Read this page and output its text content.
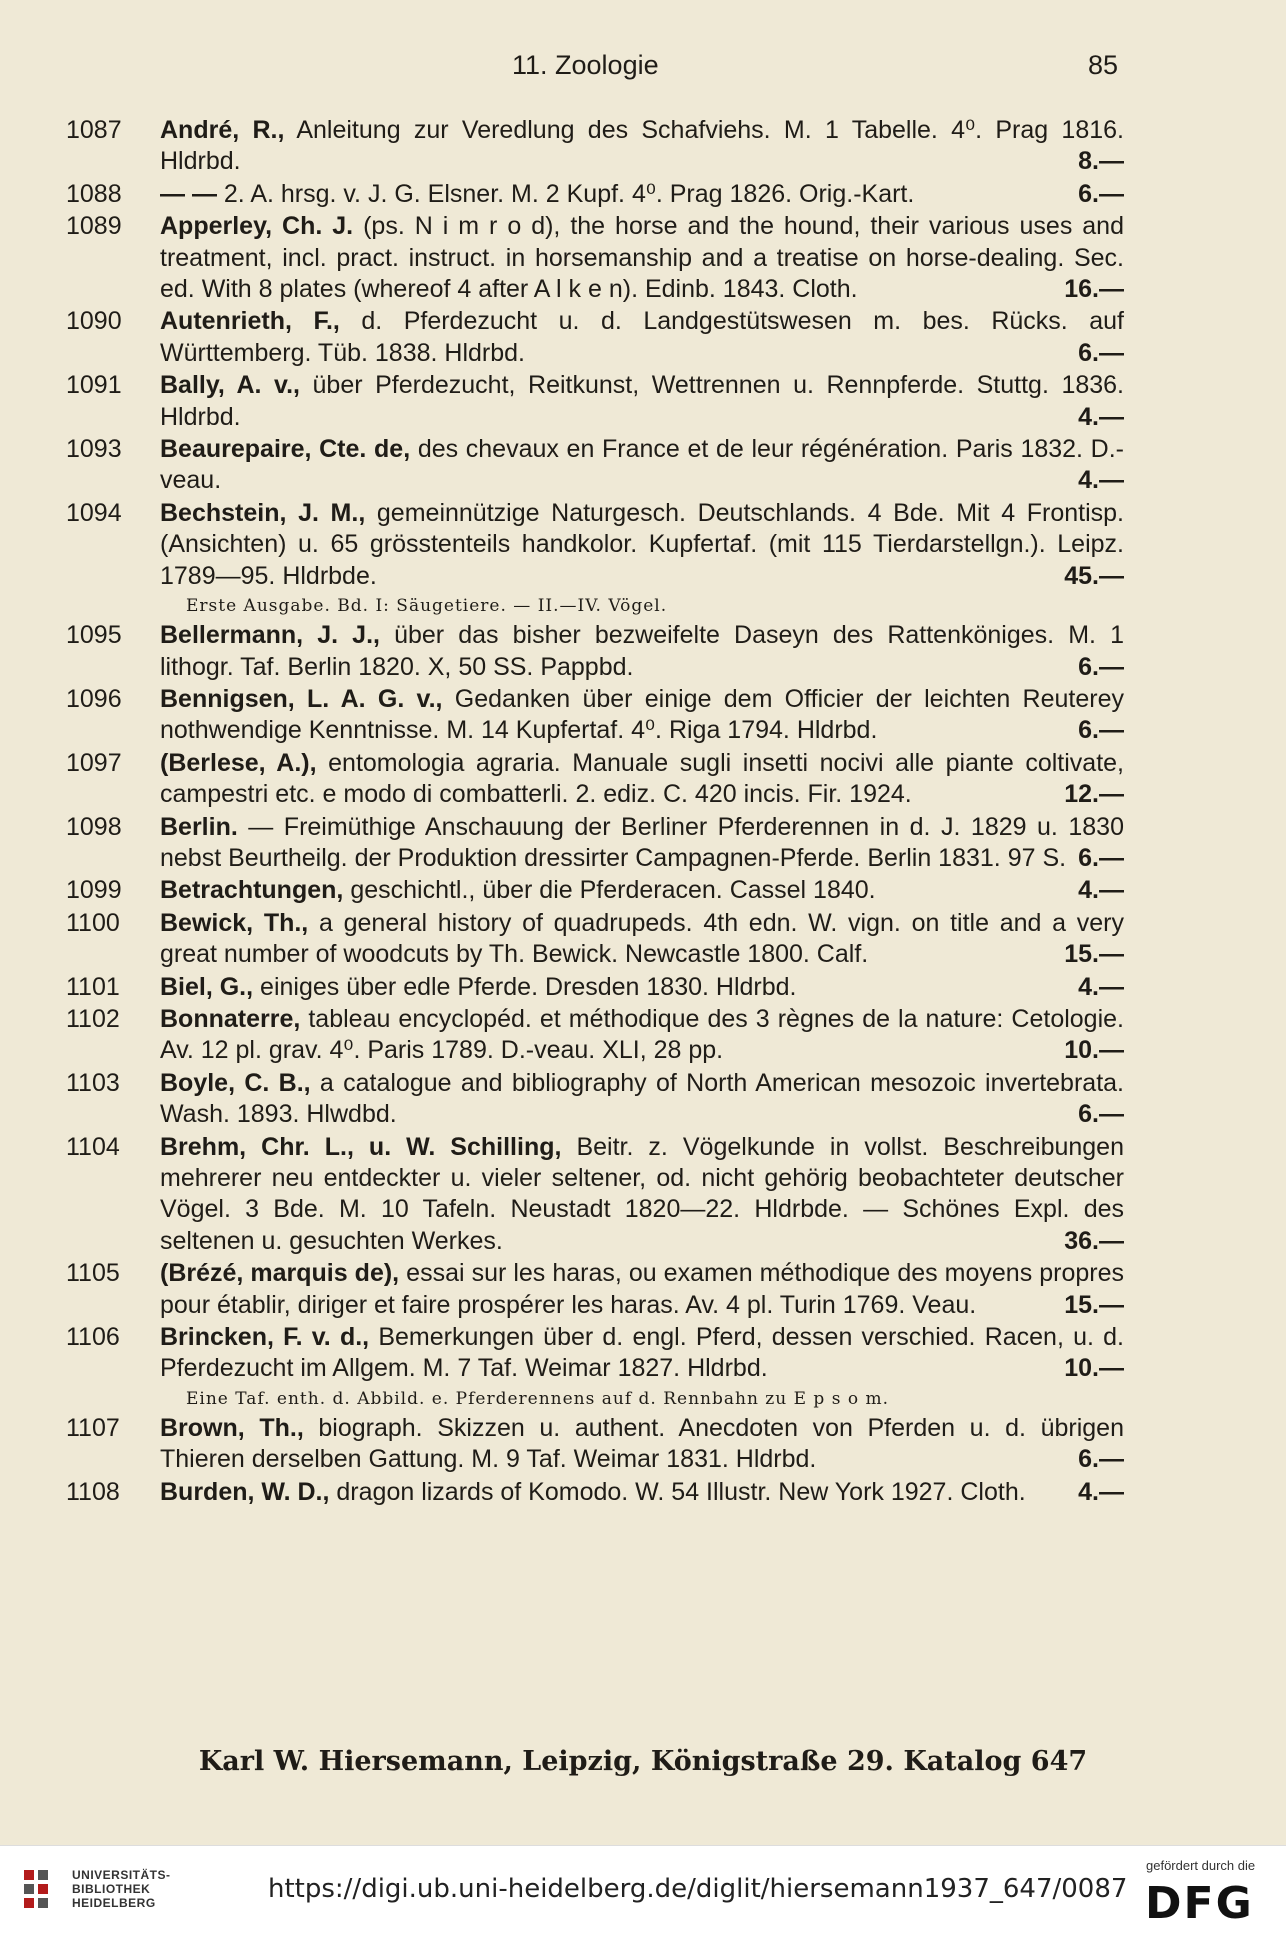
11. Zoologie	85
1087 André, R., Anleitung zur Veredlung des Schafviehs. M. 1 Tabelle. 4⁰. Prag 1816. Hldrbd.	8.—
1088 — — 2. A. hrsg. v. J. G. Elsner. M. 2 Kupf. 4⁰. Prag 1826. Orig.-Kart.	6.—
1089 Apperley, Ch. J. (ps. N i m r o d), the horse and the hound, their various uses and treatment, incl. pract. instruct. in horsemanship and a treatise on horse-dealing. Sec. ed. With 8 plates (whereof 4 after A l k e n). Edinb. 1843. Cloth.	16.—
1090 Autenrieth, F., d. Pferdezucht u. d. Landgestütswesen m. bes. Rücks. auf Württemberg. Tüb. 1838. Hldrbd.	6.—
1091 Bally, A. v., über Pferdezucht, Reitkunst, Wettrennen u. Rennpferde. Stuttg. 1836. Hldrbd.	4.—
1093 Beaurepaire, Cte. de, des chevaux en France et de leur régénération. Paris 1832. D.-veau.	4.—
1094 Bechstein, J. M., gemeinnützige Naturgesch. Deutschlands. 4 Bde. Mit 4 Frontisp. (Ansichten) u. 65 grösstenteils handkolor. Kupfertaf. (mit 115 Tierdarstellgn.). Leipz. 1789—95. Hldrbde.	45.—
Erste Ausgabe. Bd. I: Säugetiere. — II.—IV. Vögel.
1095 Bellermann, J. J., über das bisher bezweifelte Daseyn des Rattenköniges. M. 1 lithogr. Taf. Berlin 1820. X, 50 SS. Pappbd.	6.—
1096 Bennigsen, L. A. G. v., Gedanken über einige dem Officier der leichten Reuterey nothwendige Kenntnisse. M. 14 Kupfertaf. 4⁰. Riga 1794. Hldrbd.	6.—
1097 (Berlese, A.), entomologia agraria. Manuale sugli insetti nocivi alle piante coltivate, campestri etc. e modo di combatterli. 2. ediz. C. 420 incis. Fir. 1924.	12.—
1098 Berlin. — Freimüthige Anschauung der Berliner Pferderennen in d. J. 1829 u. 1830 nebst Beurtheilg. der Produktion dressirter Campagnen-Pferde. Berlin 1831. 97 S. 6.—
1099 Betrachtungen, geschichtl., über die Pferderacen. Cassel 1840.	4.—
1100 Bewick, Th., a general history of quadrupeds. 4th edn. W. vign. on title and a very great number of woodcuts by Th. Bewick. Newcastle 1800. Calf.	15.—
1101 Biel, G., einiges über edle Pferde. Dresden 1830. Hldrbd.	4.—
1102 Bonnaterre, tableau encyclopéd. et méthodique des 3 règnes de la nature: Cetologie. Av. 12 pl. grav. 4⁰. Paris 1789. D.-veau. XLI, 28 pp.	10.—
1103 Boyle, C. B., a catalogue and bibliography of North American mesozoic invertebrata. Wash. 1893. Hlwdbd.	6.—
1104 Brehm, Chr. L., u. W. Schilling, Beitr. z. Vögelkunde in vollst. Beschreibungen mehrerer neu entdeckter u. vieler seltener, od. nicht gehörig beobachteter deutscher Vögel. 3 Bde. M. 10 Tafeln. Neustadt 1820—22. Hldrbde. — Schönes Expl. des seltenen u. gesuchten Werkes.	36.—
1105 (Brézé, marquis de), essai sur les haras, ou examen méthodique des moyens propres pour établir, diriger et faire prospérer les haras. Av. 4 pl. Turin 1769. Veau.	15.—
1106 Brincken, F. v. d., Bemerkungen über d. engl. Pferd, dessen verschied. Racen, u. d. Pferdezucht im Allgem. M. 7 Taf. Weimar 1827. Hldrbd.	10.—
Eine Taf. enth. d. Abbild. e. Pferderennens auf d. Rennbahn zu E p s o m.
1107 Brown, Th., biograph. Skizzen u. authent. Anecdoten von Pferden u. d. übrigen Thieren derselben Gattung. M. 9 Taf. Weimar 1831. Hldrbd.	6.—
1108 Burden, W. D., dragon lizards of Komodo. W. 54 Illustr. New York 1927. Cloth. 4.—
Karl W. Hiersemann, Leipzig, Königstraße 29. Katalog 647
UNIVERSITÄTS-
BIBLIOTHEK
HEIDELBERG	https://digi.ub.uni-heidelberg.de/diglit/hiersemann1937_647/0087
gefördert durch die
DFG
